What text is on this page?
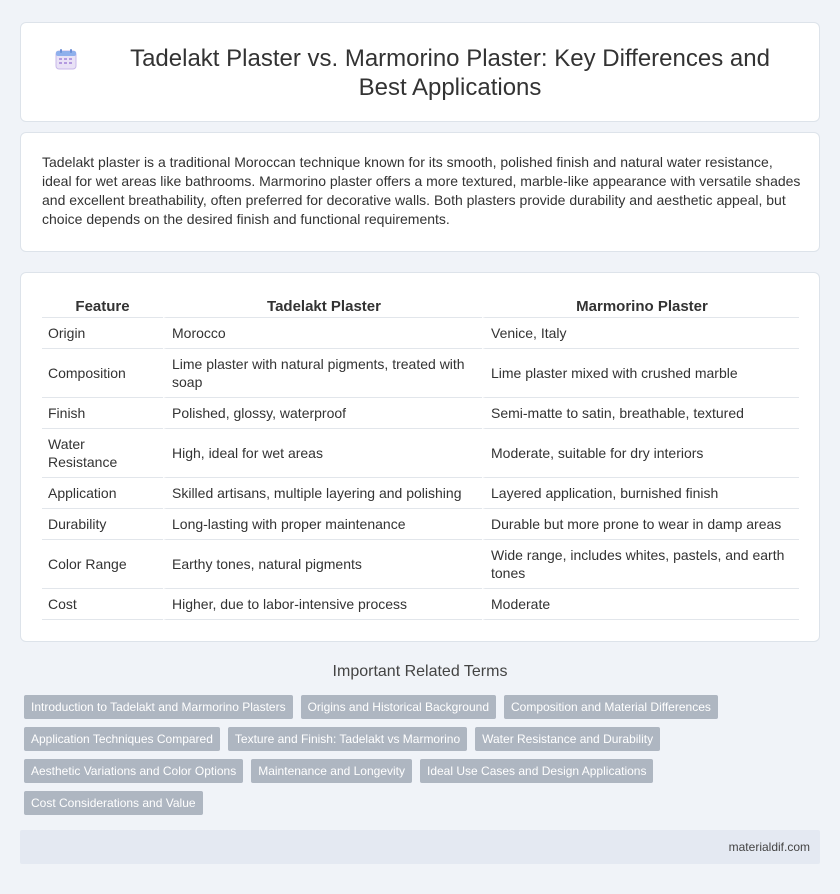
Tadelakt Plaster vs. Marmorino Plaster: Key Differences and Best Applications

Tadelakt plaster is a traditional Moroccan technique known for its smooth, polished finish and natural water resistance, ideal for wet areas like bathrooms. Marmorino plaster offers a more textured, marble-like appearance with versatile shades and excellent breathability, often preferred for decorative walls. Both plasters provide durability and aesthetic appeal, but choice depends on the desired finish and functional requirements.

Feature	Tadelakt Plaster	Marmorino Plaster
Origin	Morocco	Venice, Italy
Composition	Lime plaster with natural pigments, treated with soap	Lime plaster mixed with crushed marble
Finish	Polished, glossy, waterproof	Semi-matte to satin, breathable, textured
Water Resistance	High, ideal for wet areas	Moderate, suitable for dry interiors
Application	Skilled artisans, multiple layering and polishing	Layered application, burnished finish
Durability	Long-lasting with proper maintenance	Durable but more prone to wear in damp areas
Color Range	Earthy tones, natural pigments	Wide range, includes whites, pastels, and earth tones
Cost	Higher, due to labor-intensive process	Moderate
Important Related Terms
Introduction to Tadelakt and Marmorino Plasters	Origins and Historical Background	Composition and Material Differences
Application Techniques Compared	Texture and Finish: Tadelakt vs Marmorino	Water Resistance and Durability
Aesthetic Variations and Color Options	Maintenance and Longevity	Ideal Use Cases and Design Applications
Cost Considerations and Value
materialdif.com
